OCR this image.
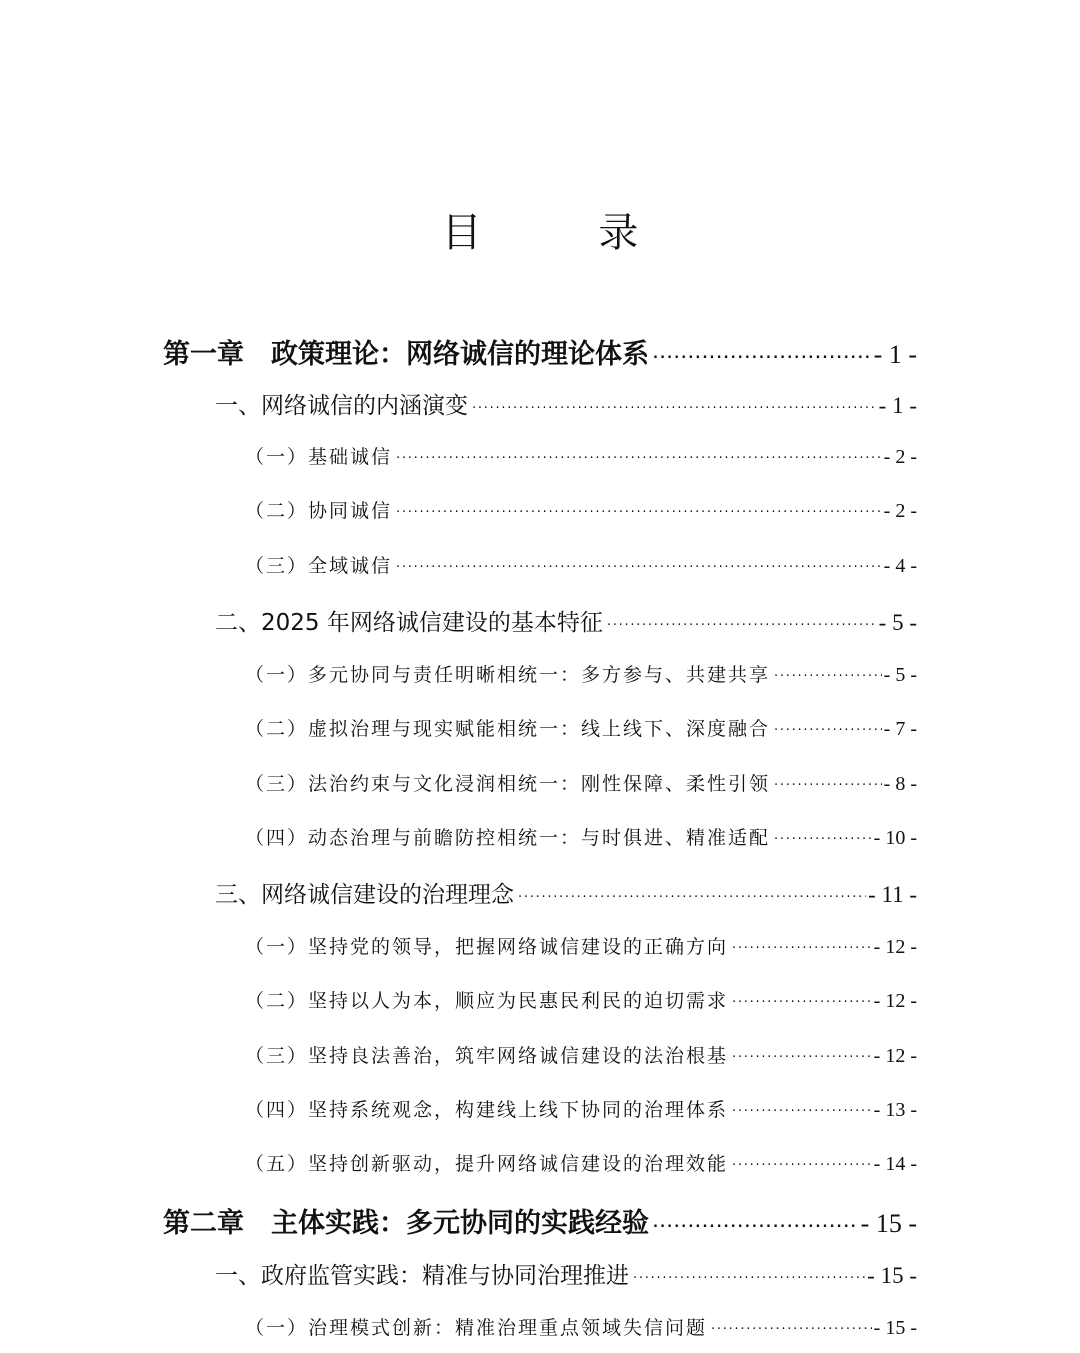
目 录
第一章　政策理论：网络诚信的理论体系 . . .	- 1 -
一、网络诚信的内涵演变 . . .	- 1 -
（一）基础诚信 . . .	- 2 -
（二）协同诚信 . . .	- 2 -
（三）全域诚信 . . .	- 4 -
二、2025 年网络诚信建设的基本特征 . . .	- 5 -
（一）多元协同与责任明晰相统一：多方参与、共建共享 . . .	- 5 -
（二）虚拟治理与现实赋能相统一：线上线下、深度融合 . . .	- 7 -
（三）法治约束与文化浸润相统一：刚性保障、柔性引领 . . .	- 8 -
（四）动态治理与前瞻防控相统一：与时俱进、精准适配 . . .	- 10 -
三、网络诚信建设的治理理念 . . .	- 11 -
（一）坚持党的领导，把握网络诚信建设的正确方向 . . .	- 12 -
（二）坚持以人为本，顺应为民惠民利民的迫切需求 . . .	- 12 -
（三）坚持良法善治，筑牢网络诚信建设的法治根基 . . .	- 12 -
（四）坚持系统观念，构建线上线下协同的治理体系 . . .	- 13 -
（五）坚持创新驱动，提升网络诚信建设的治理效能 . . .	- 14 -
第二章　主体实践：多元协同的实践经验 . . .	- 15 -
一、政府监管实践：精准与协同治理推进 . . .	- 15 -
（一）治理模式创新：精准治理重点领域失信问题 . . .	- 15 -
